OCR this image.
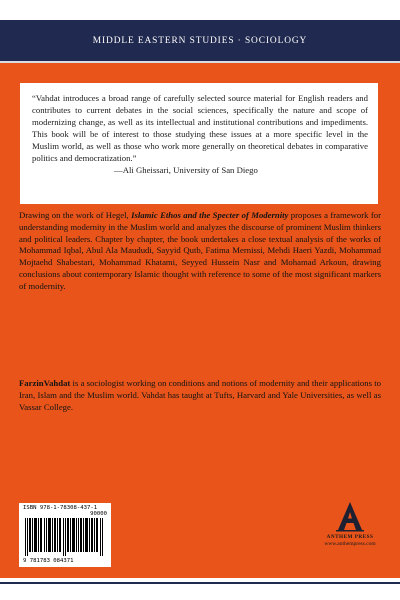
MIDDLE EASTERN STUDIES · SOCIOLOGY

“Vahdat introduces a broad range of carefully selected source material for English readers and contributes to current debates in the social sciences, specifically the nature and scope of modernizing change, as well as its intellectual and institutional contributions and impediments. This book will be of interest to those studying these issues at a more specific level in the Muslim world, as well as those who work more generally on theoretical debates in comparative politics and democratization.”
—Ali Gheissari, University of San Diego

Drawing on the work of Hegel, Islamic Ethos and the Specter of Modernity proposes a framework for understanding modernity in the Muslim world and analyzes the discourse of prominent Muslim thinkers and political leaders. Chapter by chapter, the book undertakes a close textual analysis of the works of Mohammad Iqbal, Abul Ala Maududi, Sayyid Qutb, Fatima Mernissi, Mehdi Haeri Yazdi, Mohammad Mojtaehd Shabestari, Mohammad Khatami, Seyyed Hussein Nasr and Mohamad Arkoun, drawing conclusions about contemporary Islamic thought with reference to some of the most significant markers of modernity.

FarzinVahdat is a sociologist working on conditions and notions of modernity and their applications to Iran, Islam and the Muslim world. Vahdat has taught at Tufts, Harvard and Yale Universities, as well as Vassar College.

ISBN 978-1-78308-437-1
90000
9 781783 084371
ANTHEM PRESS
www.anthempress.com
